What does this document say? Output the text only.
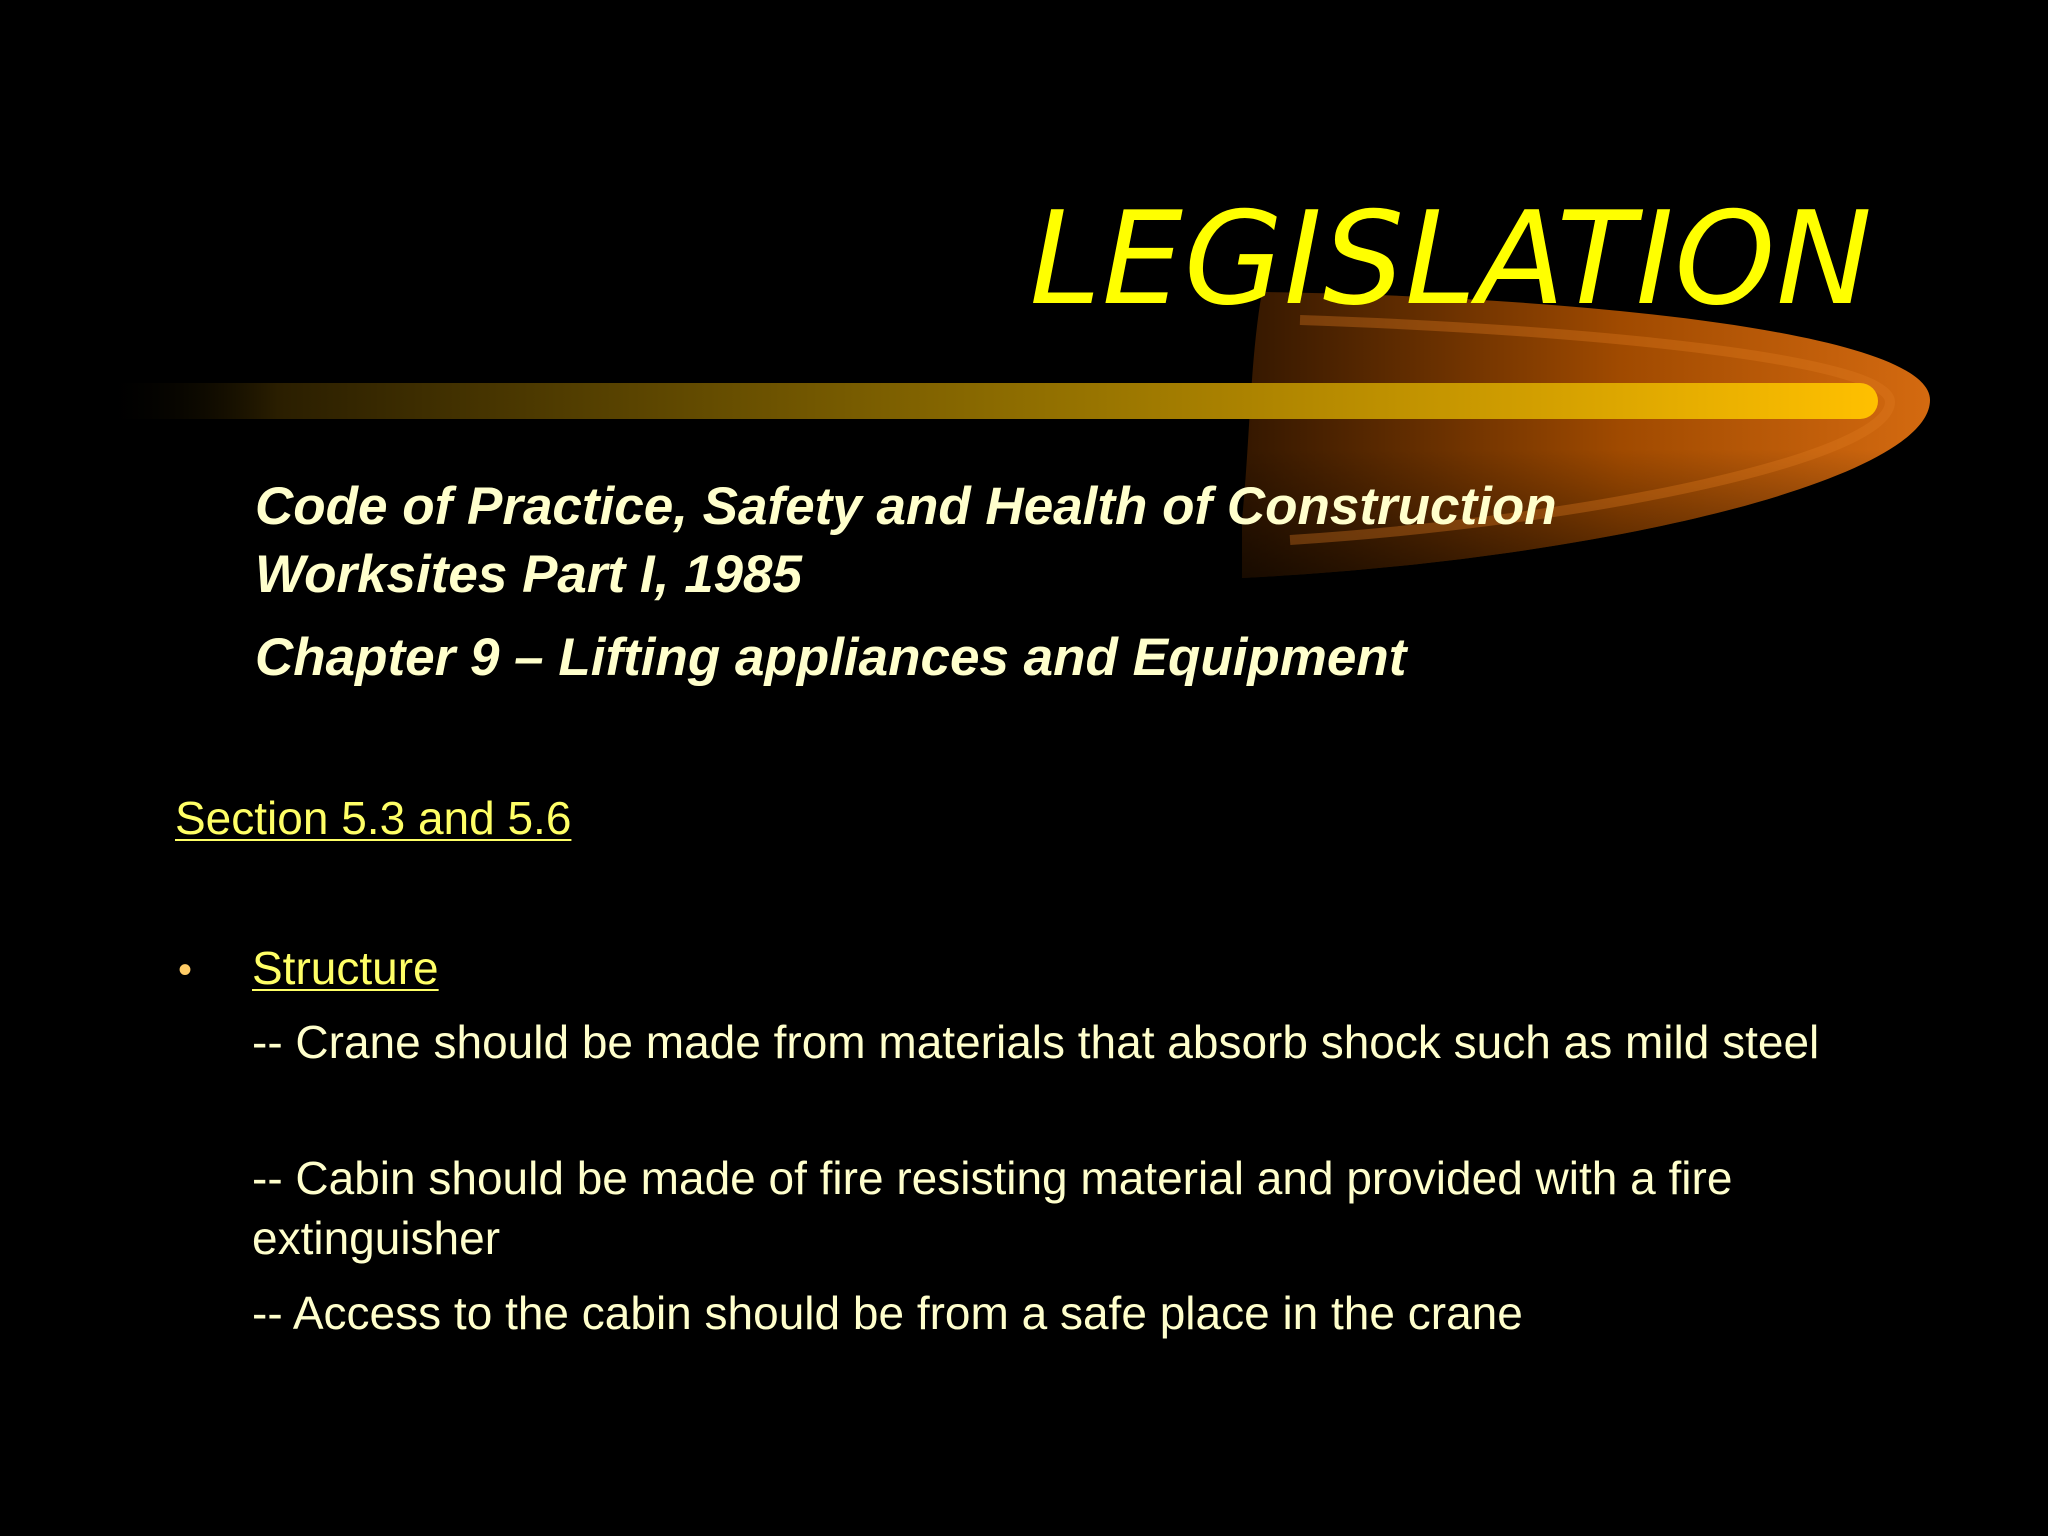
LEGISLATION
Code of Practice, Safety and Health of Construction Worksites Part I, 1985
Chapter 9 – Lifting appliances and Equipment
Section 5.3 and 5.6
• Structure
-- Crane should be made from materials that absorb shock such as mild steel
-- Cabin should be made of fire resisting material and provided with a fire extinguisher
-- Access to the cabin should be from a safe place in the crane
